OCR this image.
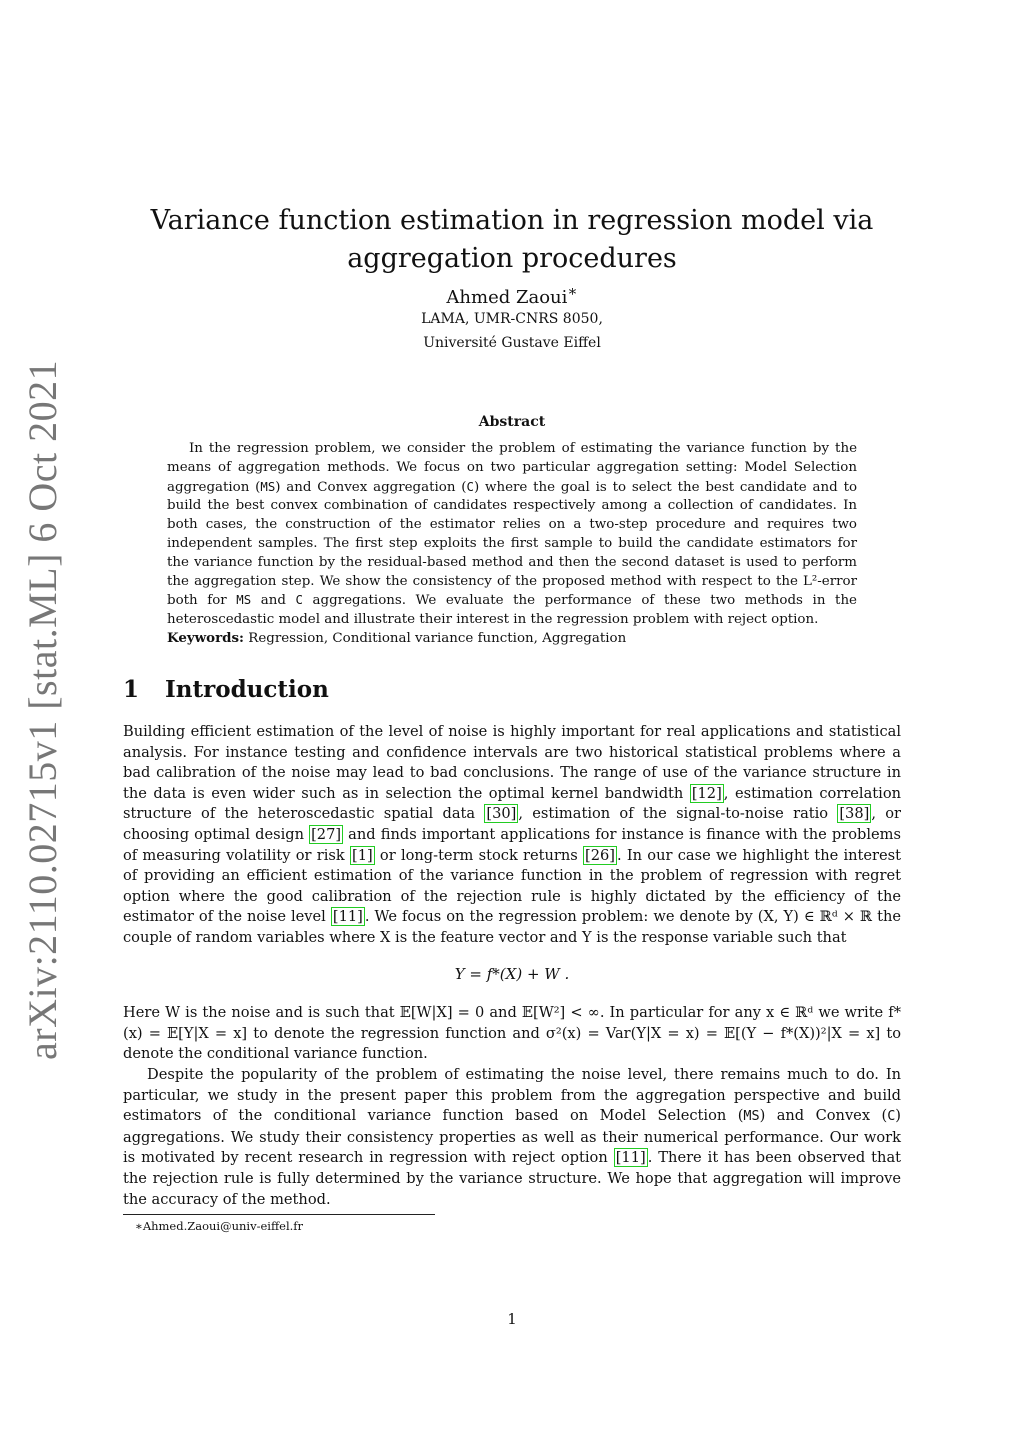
arXiv:2110.02715v1 [stat.ML] 6 Oct 2021
Variance function estimation in regression model via aggregation procedures
Ahmed Zaoui∗
LAMA, UMR-CNRS 8050,
Université Gustave Eiffel
Abstract

In the regression problem, we consider the problem of estimating the variance function by the means of aggregation methods. We focus on two particular aggregation setting: Model Selection aggregation (MS) and Convex aggregation (C) where the goal is to select the best candidate and to build the best convex combination of candidates respectively among a collection of candidates. In both cases, the construction of the estimator relies on a two-step procedure and requires two independent samples. The first step exploits the first sample to build the candidate estimators for the variance function by the residual-based method and then the second dataset is used to perform the aggregation step. We show the consistency of the proposed method with respect to the L²-error both for MS and C aggregations. We evaluate the performance of these two methods in the heteroscedastic model and illustrate their interest in the regression problem with reject option.

Keywords: Regression, Conditional variance function, Aggregation
1 Introduction

Building efficient estimation of the level of noise is highly important for real applications and statistical analysis. For instance testing and confidence intervals are two historical statistical problems where a bad calibration of the noise may lead to bad conclusions. The range of use of the variance structure in the data is even wider such as in selection the optimal kernel bandwidth [12] , estimation correlation structure of the heteroscedastic spatial data [30] , estimation of the signal-to-noise ratio [38] , or choosing optimal design [27] and finds important applications for instance is finance with the problems of measuring volatility or risk [1] or long-term stock returns [26] . In our case we highlight the interest of providing an efficient estimation of the variance function in the problem of regression with regret option where the good calibration of the rejection rule is highly dictated by the efficiency of the estimator of the noise level [11] . We focus on the regression problem: we denote by (X, Y) ∈ ℝᵈ × ℝ the couple of random variables where X is the feature vector and Y is the response variable such that

Y = f*(X) + W .

Here W is the noise and is such that 𝔼[W|X] = 0 and 𝔼[W²] < ∞. In particular for any x ∈ ℝᵈ we write f*(x) = 𝔼[Y|X = x] to denote the regression function and σ²(x) = Var(Y|X = x) = 𝔼[(Y − f*(X))²|X = x] to denote the conditional variance function.

Despite the popularity of the problem of estimating the noise level, there remains much to do. In particular, we study in the present paper this problem from the aggregation perspective and build estimators of the conditional variance function based on Model Selection (MS) and Convex (C) aggregations. We study their consistency properties as well as their numerical performance. Our work is motivated by recent research in regression with reject option [11] . There it has been observed that the rejection rule is fully determined by the variance structure. We hope that aggregation will improve the accuracy of the method.

∗Ahmed.Zaoui@univ-eiffel.fr
1
